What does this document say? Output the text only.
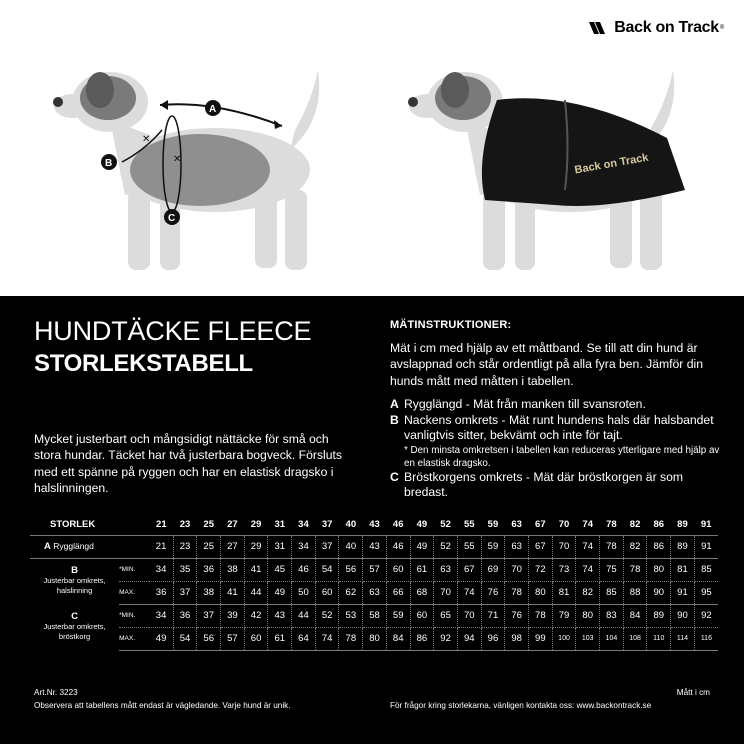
Back on Track ®
✕
✕
A
B
C
Back on Track
HUNDTÄCKE FLEECE
STORLEKSTABELL
Mycket justerbart och mångsidigt nättäcke för små och stora hundar. Täcket har två justerbara bogveck. Försluts med ett spänne på ryggen och har en elastisk dragsko i halslinningen.
MÄTINSTRUKTIONER:
Mät i cm med hjälp av ett måttband. Se till att din hund är avslappnad och står ordentligt på alla fyra ben. Jämför din hunds mått med måtten i tabellen.
A Rygglängd - Mät från manken till svansroten.
B Nackens omkrets - Mät runt hundens hals där halsbandet vanligtvis sitter, bekvämt och inte för tajt.
* Den minsta omkretsen i tabellen kan reduceras ytterligare med hjälp av en elastisk dragsko.
C Bröstkorgens omkrets - Mät där bröstkorgen är som bredast.
STORLEK		21	23	25	27	29	31	34	37	40	43	46	49	52	55	59	63	67	70	74	78	82	86	89	91
A Rygglängd		21	23	25	27	29	31	34	37	40	43	46	49	52	55	59	63	67	70	74	78	82	86	89	91

B
Justerbar omkrets, halslinning	*MIN.	34	35	36	38	41	45	46	54	56	57	60	61	63	67	69	70	72	73	74	75	78	80	81	85
	MAX.	36	37	38	41	44	49	50	60	62	63	66	68	70	74	76	78	80	81	82	85	88	90	91	95

C
Justerbar omkrets, bröstkorg	*MIN.	34	36	37	39	42	43	44	52	53	58	59	60	65	70	71	76	78	79	80	83	84	89	90	92
	MAX.	49	54	56	57	60	61	64	74	78	80	84	86	92	94	96	98	99	100	103	104	108	110	114	116
Art.Nr. 3223
Observera att tabellens mått endast är vägledande. Varje hund är unik.
Mått i cm
För frågor kring storlekarna, vänligen kontakta oss: www.backontrack.se
